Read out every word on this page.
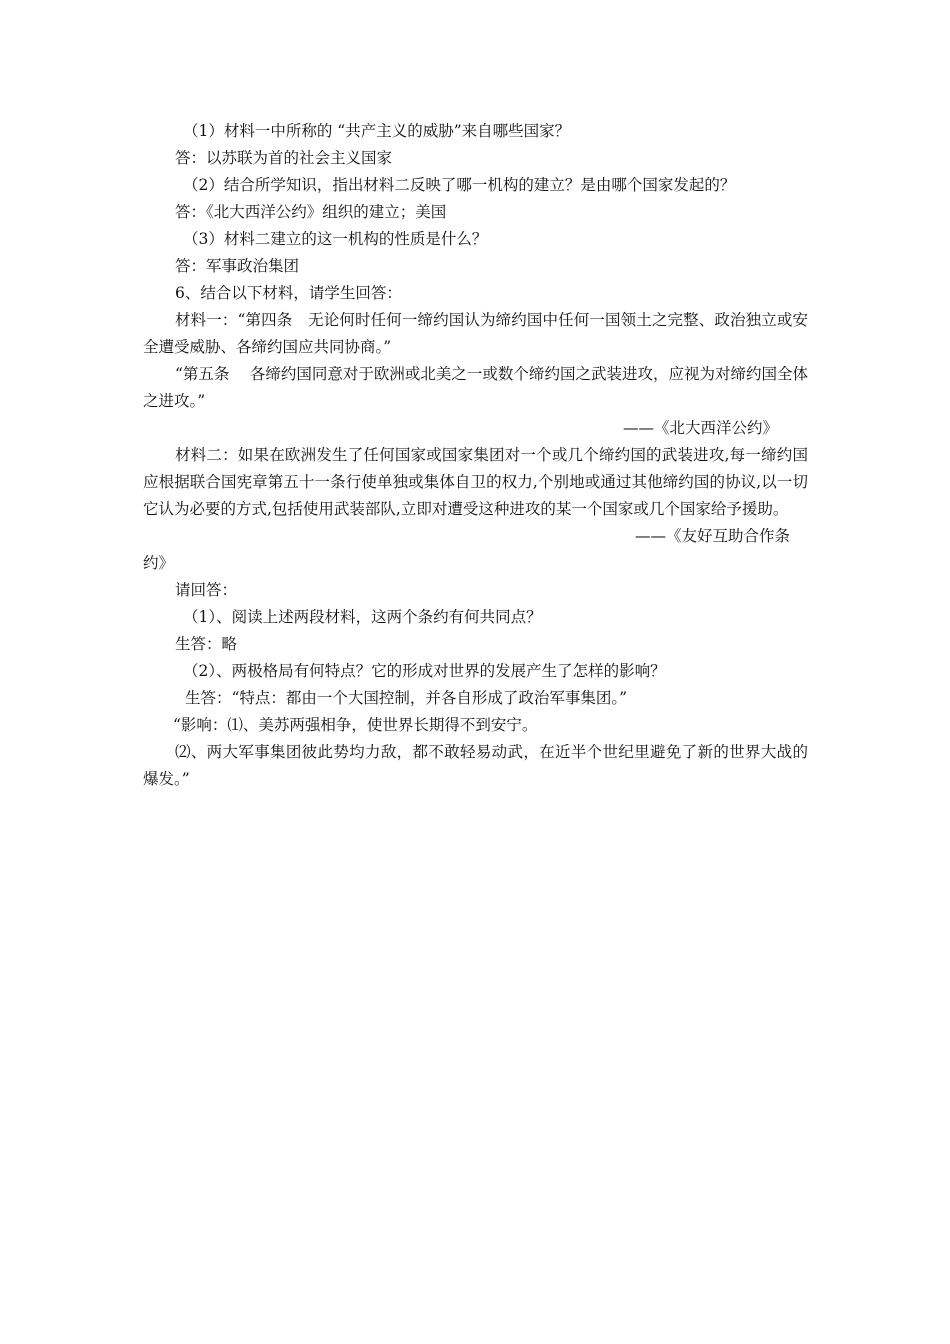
（1）材料一中所称的 “共产主义的威胁”来自哪些国家？
答：以苏联为首的社会主义国家
（2）结合所学知识，指出材料二反映了哪一机构的建立？是由哪个国家发起的？
答：《北大西洋公约》组织的建立；美国
（3）材料二建立的这一机构的性质是什么？
答：军事政治集团
6、结合以下材料，请学生回答：
材料一：“第四条　无论何时任何一缔约国认为缔约国中任何一国领土之完整、政治独立或安全遭受威胁、各缔约国应共同协商。”
“第五条　 各缔约国同意对于欧洲或北美之一或数个缔约国之武装进攻，应视为对缔约国全体之进攻。”
——《北大西洋公约》
材料二：如果在欧洲发生了任何国家或国家集团对一个或几个缔约国的武装进攻,每一缔约国应根据联合国宪章第五十一条行使单独或集体自卫的权力,个别地或通过其他缔约国的协议,以一切它认为必要的方式,包括使用武装部队,立即对遭受这种进攻的某一个国家或几个国家给予援助。
——《友好互助合作条
约》
请回答：
（1）、阅读上述两段材料，这两个条约有何共同点？
生答：略
（2）、两极格局有何特点？它的形成对世界的发展产生了怎样的影响？
生答：“特点：都由一个大国控制，并各自形成了政治军事集团。”
“影响：⑴、美苏两强相争，使世界长期得不到安宁。
⑵、两大军事集团彼此势均力敌，都不敢轻易动武，在近半个世纪里避免了新的世界大战的爆发。”
